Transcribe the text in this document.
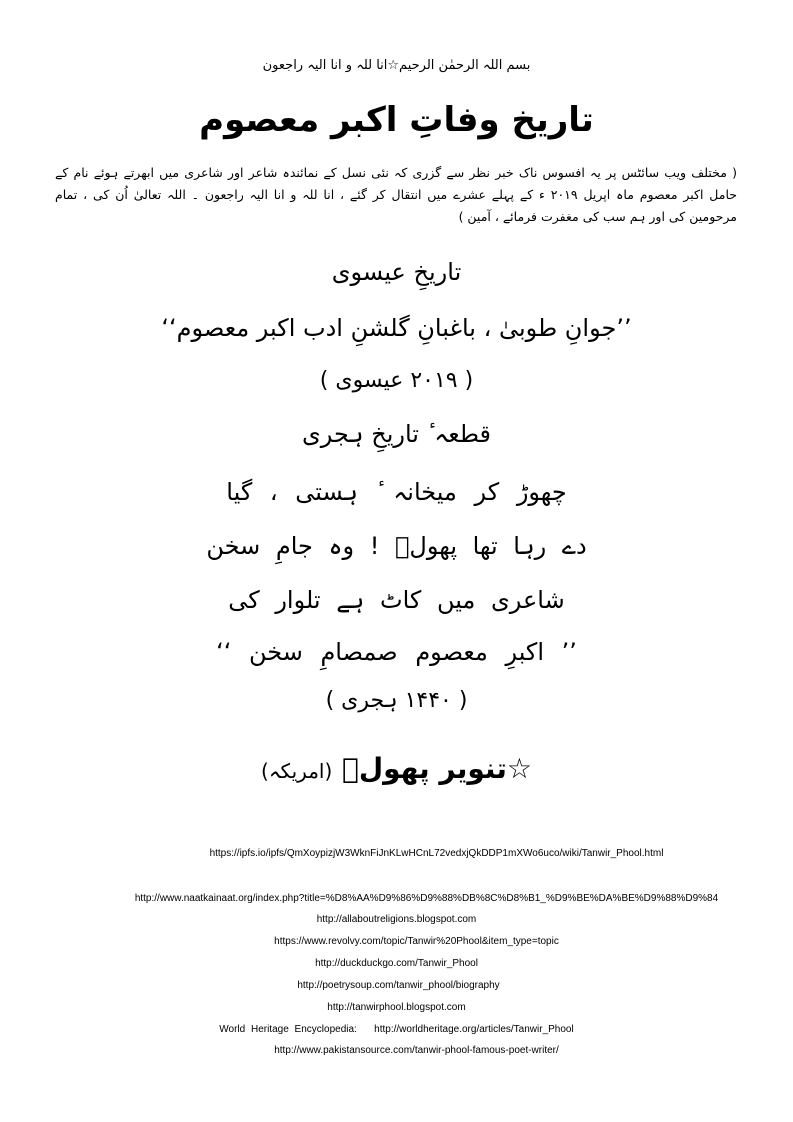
بسم اللہ الرحمٰن الرحیم☆انا للہ و انا الیہ راجعون
تاریخ وفاتِ اکبر معصوم
( مختلف ویب سائٹس پر یہ افسوس ناک خبر نظر سے گزری کہ نئی نسل کے نمائندہ شاعر اور شاعری میں ابھرتے ہوئے نام کے حامل اکبر معصوم ماہ اپریل ۲۰۱۹ ء کے پہلے عشرے میں انتقال کر گئے ، انا للہ و انا الیہ راجعون ۔ اللہ تعالیٰ اُن کی ، تمام مرحومین کی اور ہم سب کی مغفرت فرمائے ، آمین )
تاریخِ عیسوی
’’جوانِ طوبیٰ ، باغبانِ گلشنِ ادب اکبر معصوم‘‘
( ۲۰۱۹ عیسوی )
قطعہ ٔ تاریخِ ہجری
چھوڑ کر میخانہ ٔ ہستی ، گیا
دے رہا تھا پھولؔ ! وہ جامِ سخن
شاعری میں کاٹ ہے تلوار کی
’’ اکبرِ معصوم صمصامِ سخن ‘‘
( ۱۴۴۰ ہجری )
☆تنویر پھولؔ (امریکہ)
https://ipfs.io/ipfs/QmXoypizjW3WknFiJnKLwHCnL72vedxjQkDDP1mXWo6uco/wiki/Tanwir_Phool.html
http://www.naatkainaat.org/index.php?title=%D8%AA%D9%86%D9%88%DB%8C%D8%B1_%D9%BE%DA%BE%D9%88%D9%84
http://allaboutreligions.blogspot.com
https://www.revolvy.com/topic/Tanwir%20Phool&item_type=topic
http://duckduckgo.com/Tanwir_Phool
http://poetrysoup.com/tanwir_phool/biography
http://tanwirphool.blogspot.com
World Heritage Encyclopedia: http://worldheritage.org/articles/Tanwir_Phool
http://www.pakistansource.com/tanwir-phool-famous-poet-writer/
